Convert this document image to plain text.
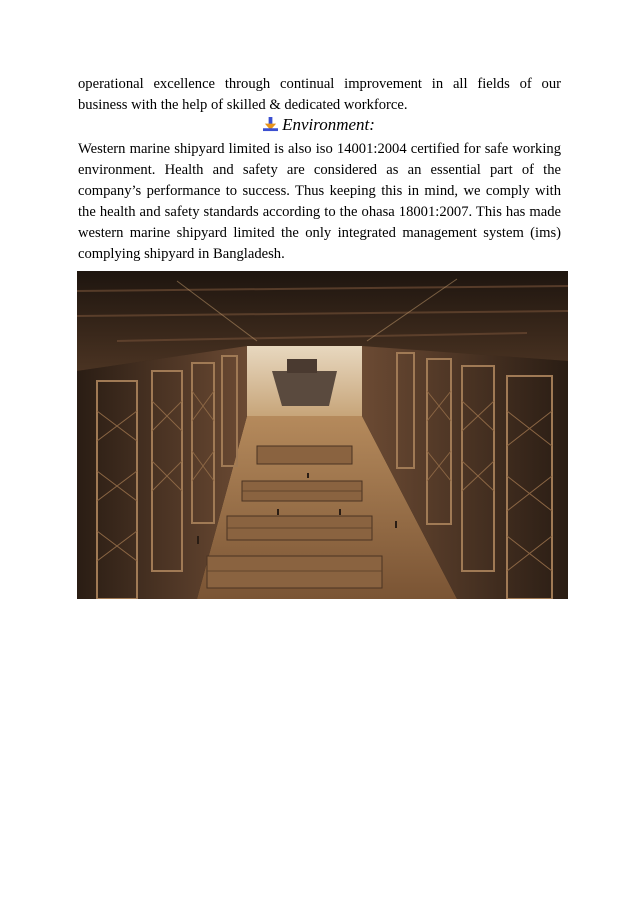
operational excellence through continual improvement in all fields of our
business with the help of skilled & dedicated workforce.
Environment:
Western marine shipyard limited is also iso 14001:2004 certified for safe working
environment. Health and safety are considered as an essential part of the
company’s performance to success. Thus keeping this in mind, we comply with
the health and safety standards according to the ohasa 18001:2007. This has made
western marine shipyard limited the only integrated management system (ims)
complying shipyard in Bangladesh.
